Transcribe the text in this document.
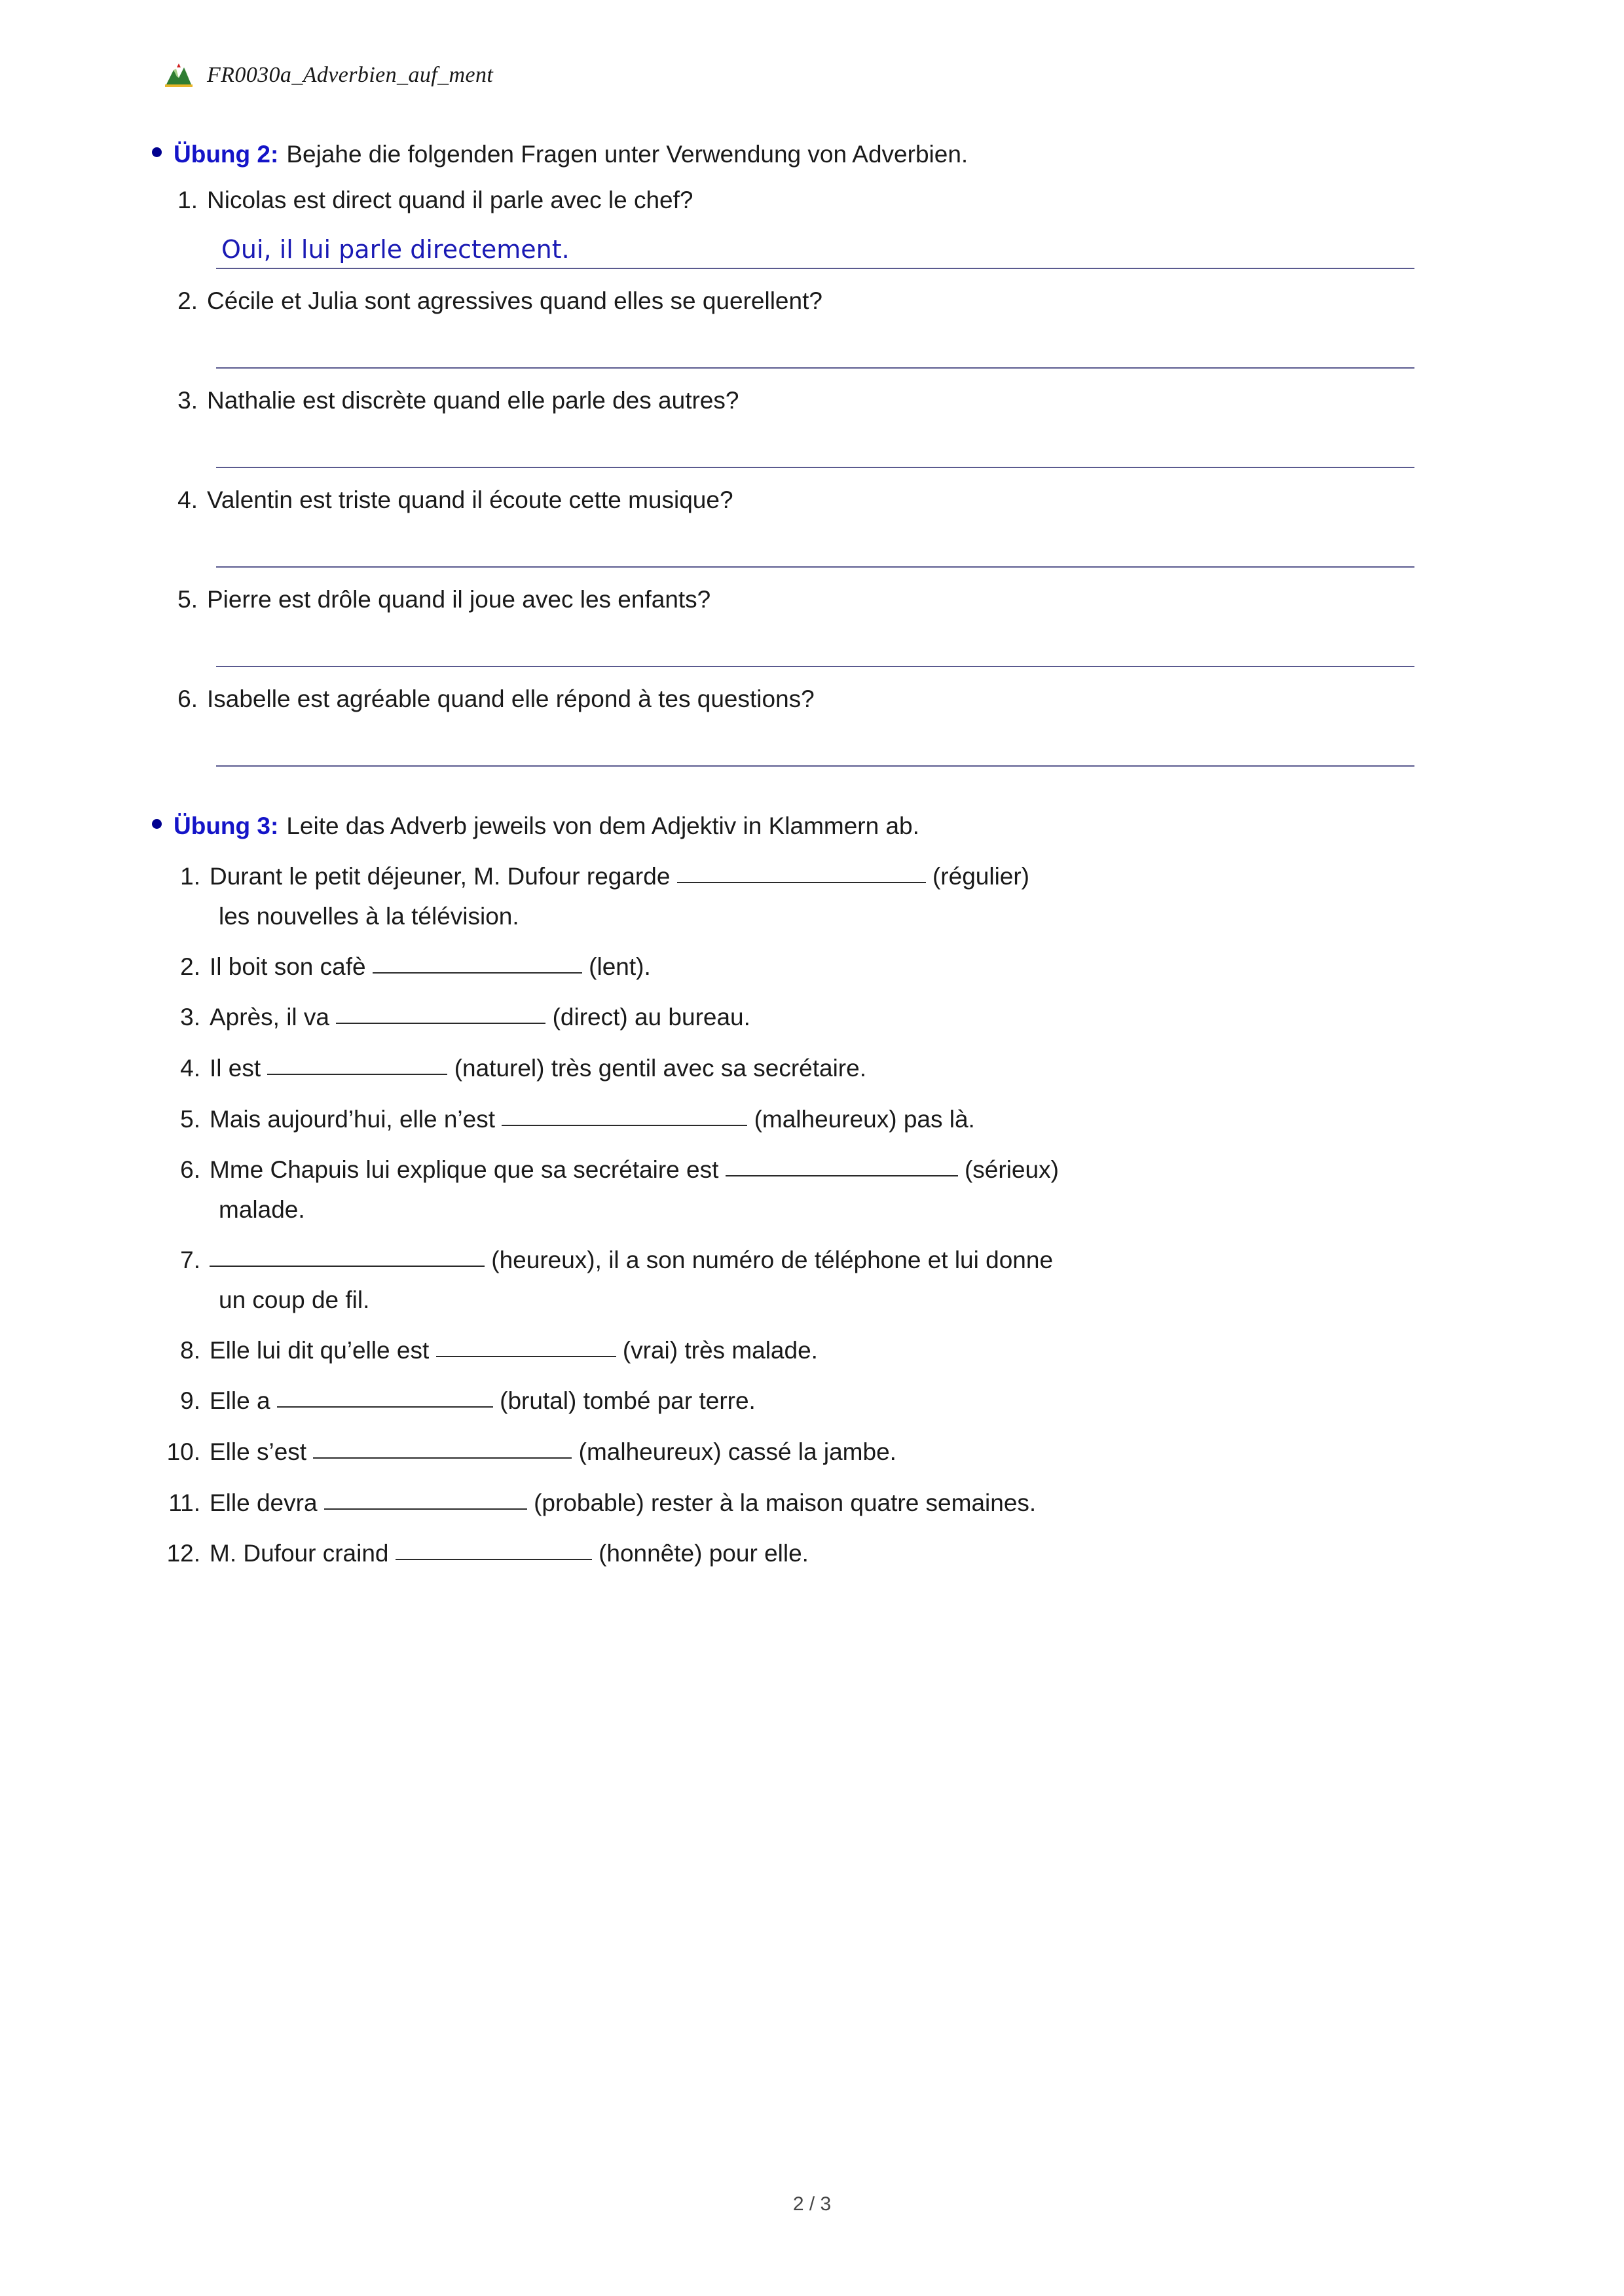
FR0030a_Adverbien_auf_ment
Übung 2: Bejahe die folgenden Fragen unter Verwendung von Adverbien.
1. Nicolas est direct quand il parle avec le chef?
Oui, il lui parle directement.
2. Cécile et Julia sont agressives quand elles se querellent?
3. Nathalie est discrète quand elle parle des autres?
4. Valentin est triste quand il écoute cette musique?
5. Pierre est drôle quand il joue avec les enfants?
6. Isabelle est agréable quand elle répond à tes questions?
Übung 3: Leite das Adverb jeweils von dem Adjektiv in Klammern ab.
1. Durant le petit déjeuner, M. Dufour regarde	(régulier)
les nouvelles à la télévision.
2. Il boit son cafè	(lent).
3. Après, il va	(direct) au bureau.
4. Il est	(naturel) très gentil avec sa secrétaire.
5. Mais aujourd’hui, elle n’est	(malheureux) pas là.
6. Mme Chapuis lui explique que sa secrétaire est	(sérieux)
malade.
7.	(heureux), il a son numéro de téléphone et lui donne
un coup de fil.
8. Elle lui dit qu’elle est	(vrai) très malade.
9. Elle a	(brutal) tombé par terre.
10. Elle s’est	(malheureux) cassé la jambe.
11. Elle devra	(probable) rester à la maison quatre semaines.
12. M. Dufour craind	(honnête) pour elle.
2 / 3
